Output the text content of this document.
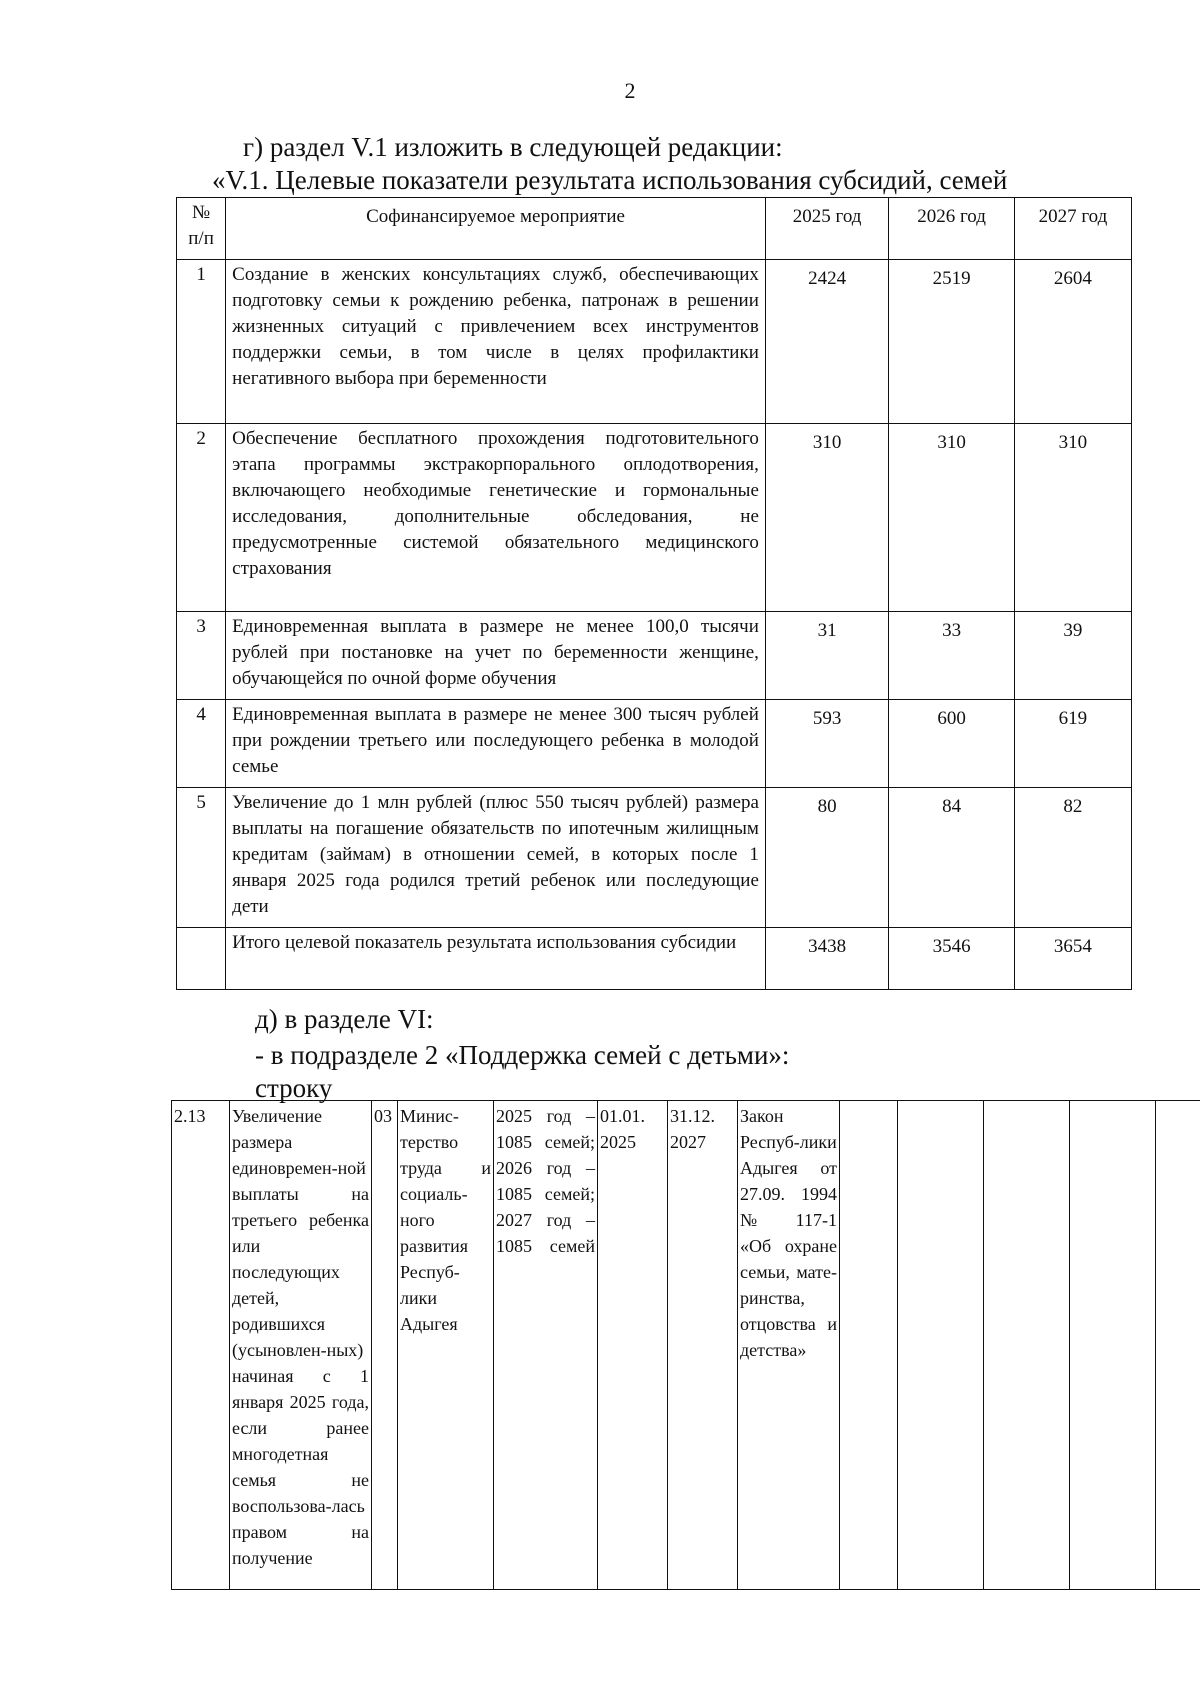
2
г) раздел V.1 изложить в следующей редакции:
«V.1. Целевые показатели результата использования субсидий, семей
№ п/п	Софинансируемое мероприятие	2025 год	2026 год	2027 год
1	Создание в женских консультациях служб, обеспечивающих подготовку семьи к рождению ребенка, патронаж в решении жизненных ситуаций с привлечением всех инструментов поддержки семьи, в том числе в целях профилактики негативного выбора при беременности	2424	2519	2604
2	Обеспечение бесплатного прохождения подготовительного этапа программы экстракорпорального оплодотворения, включающего необходимые генетические и гормональные исследования, дополнительные обследования, не предусмотренные системой обязательного медицинского страхования	310	310	310
3	Единовременная выплата в размере не менее 100,0 тысячи рублей при постановке на учет по беременности женщине, обучающейся по очной форме обучения	31	33	39
4	Единовременная выплата в размере не менее 300 тысяч рублей при рождении третьего или последующего ребенка в молодой семье	593	600	619
5	Увеличение до 1 млн рублей (плюс 550 тысяч рублей) размера выплаты на погашение обязательств по ипотечным жилищным кредитам (займам) в отношении семей, в которых после 1 января 2025 года родился третий ребенок или последующие дети	80	84	82
	Итого целевой показатель результата использования субсидии	3438	3546	3654
д) в разделе VI:
- в подразделе 2 «Поддержка семей с детьми»:
строку
2.13	Увеличение размера единовремен-ной выплаты на третьего ребенка или последующих детей, родившихся (усыновлен-ных) начиная с 1 января 2025 года, если ранее многодетная семья не воспользова-лась правом на получение	03	Минис-терство труда и социаль-ного развития Респуб-лики Адыгея	2025 год – 1085 семей; 2026 год – 1085 семей; 2027 год – 1085 семей	01.01. 2025	31.12. 2027	Закон Респуб-лики Адыгея от 27.09. 1994 № 117-1 «Об охране семьи, мате-ринства, отцовства и детства»					
